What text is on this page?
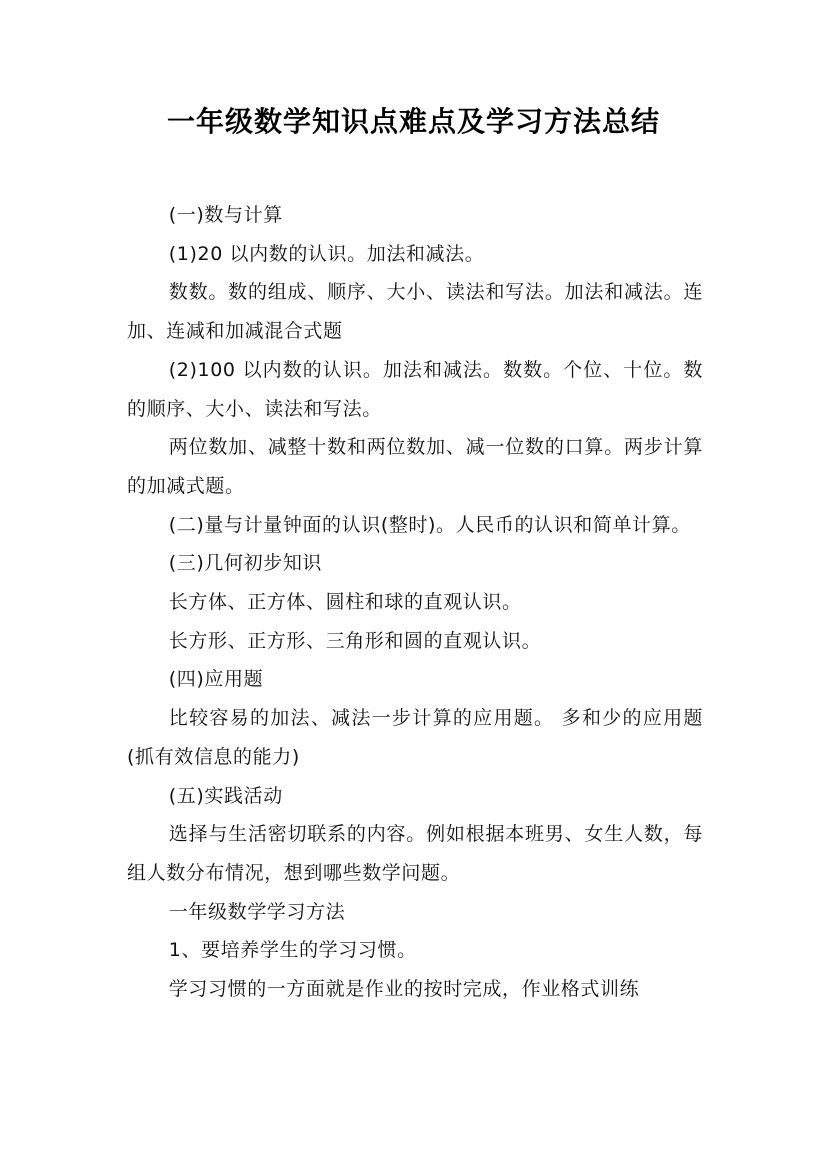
一年级数学知识点难点及学习方法总结

(一)数与计算

(1)20 以内数的认识。加法和减法。

数数。数的组成、顺序、大小、读法和写法。加法和减法。连加、连减和加减混合式题

(2)100 以内数的认识。加法和减法。数数。个位、十位。数的顺序、大小、读法和写法。

两位数加、减整十数和两位数加、减一位数的口算。两步计算的加减式题。

(二)量与计量钟面的认识(整时)。人民币的认识和简单计算。

(三)几何初步知识

长方体、正方体、圆柱和球的直观认识。

长方形、正方形、三角形和圆的直观认识。

(四)应用题

比较容易的加法、减法一步计算的应用题。 多和少的应用题(抓有效信息的能力)

(五)实践活动

选择与生活密切联系的内容。例如根据本班男、女生人数，每组人数分布情况，想到哪些数学问题。

一年级数学学习方法

1、要培养学生的学习习惯。

学习习惯的一方面就是作业的按时完成，作业格式训练
